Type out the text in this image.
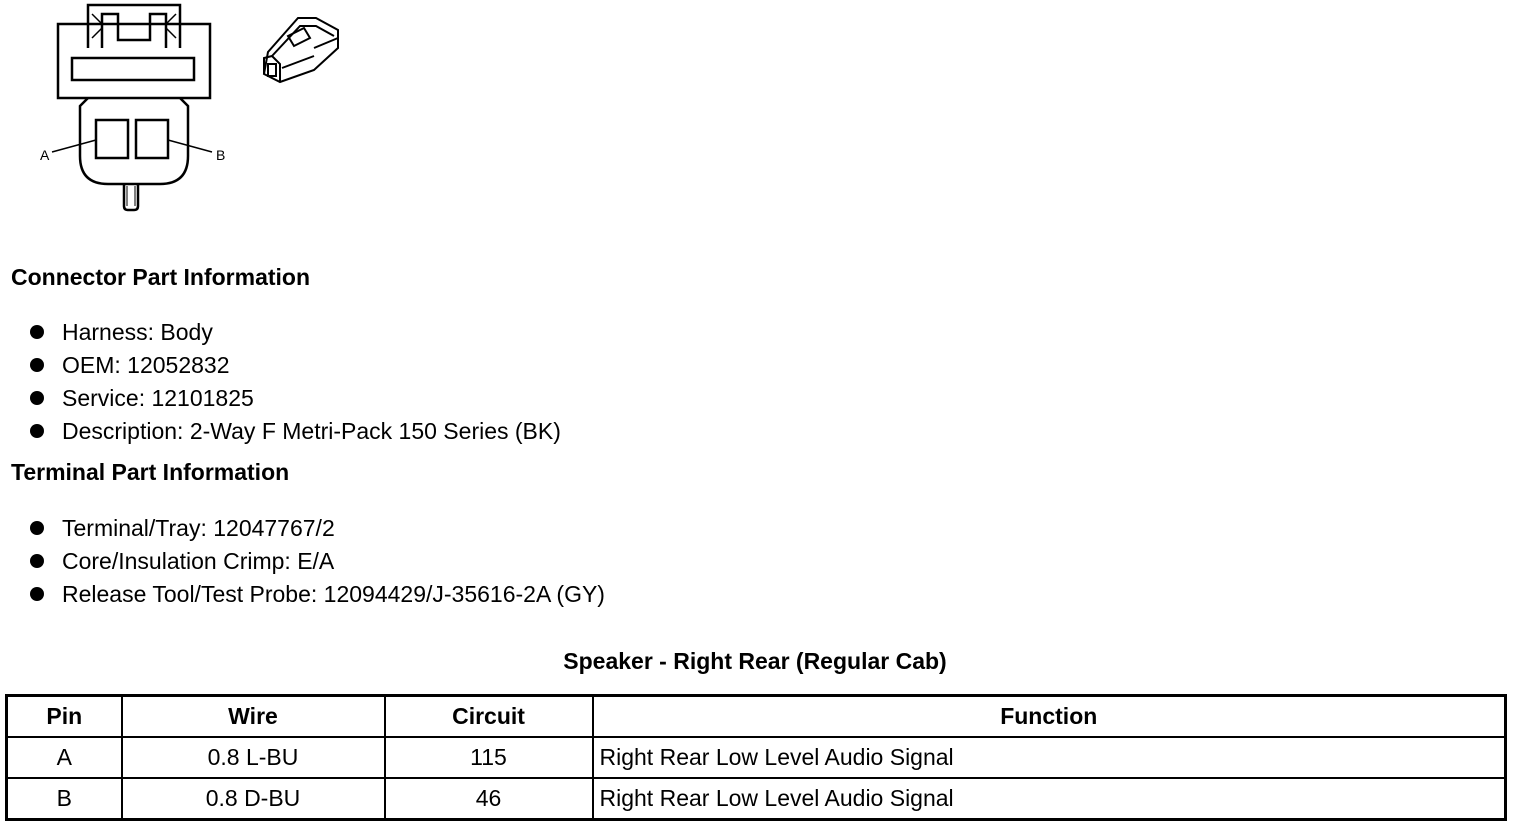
A	B
Connector Part Information
Harness: Body
OEM: 12052832
Service: 12101825
Description: 2-Way F Metri-Pack 150 Series (BK)
Terminal Part Information
Terminal/Tray: 12047767/2
Core/Insulation Crimp: E/A
Release Tool/Test Probe: 12094429/J-35616-2A (GY)
Speaker - Right Rear (Regular Cab)
Pin	Wire	Circuit	Function
A	0.8 L-BU	115	Right Rear Low Level Audio Signal
B	0.8 D-BU	46	Right Rear Low Level Audio Signal
